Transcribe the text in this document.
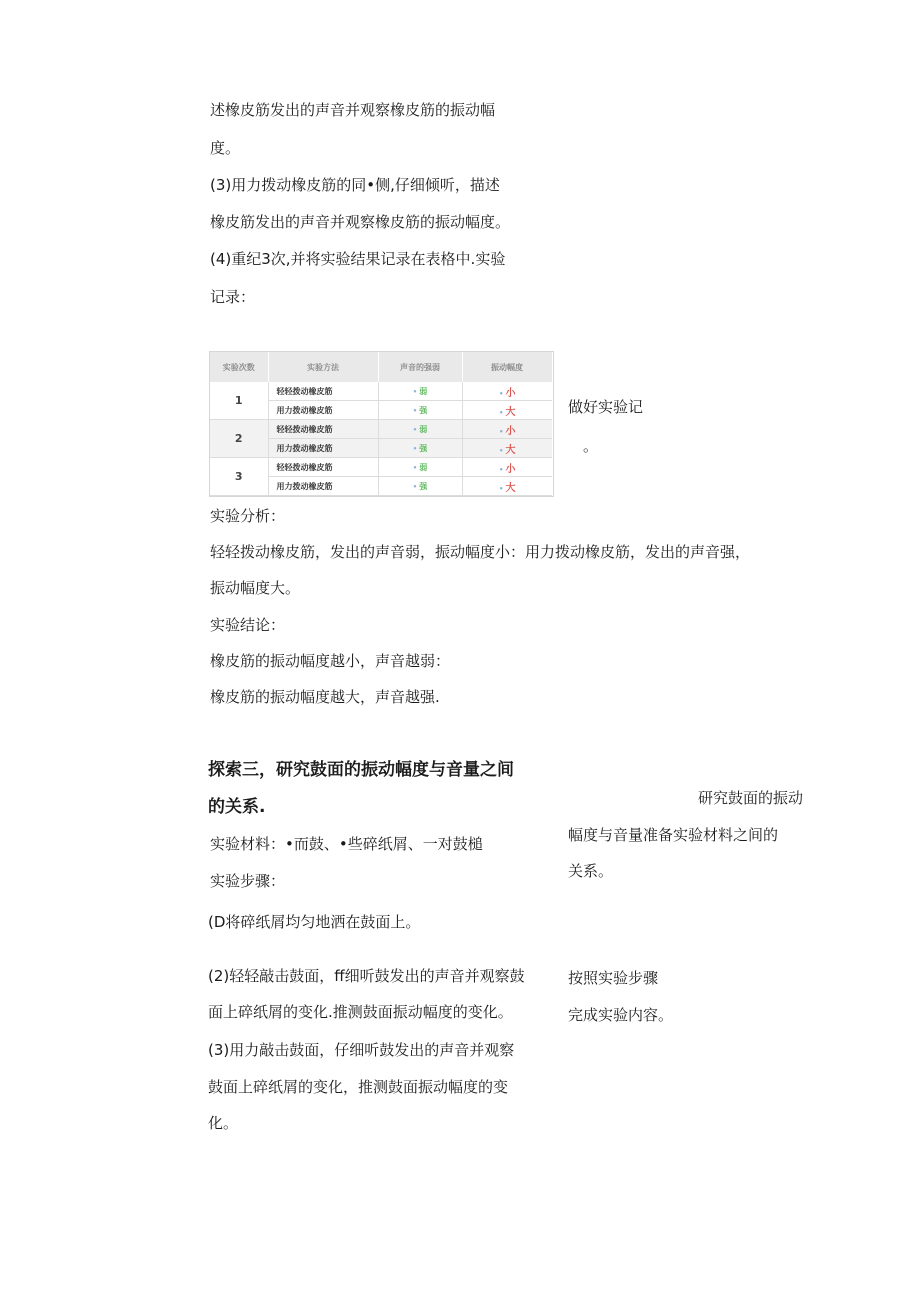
述橡皮筋发出的声音并观察橡皮筋的振动幅
度。
(3)用力拨动橡皮筋的同•侧,仔细倾听，描述
橡皮筋发出的声音并观察橡皮筋的振动幅度。
(4)重纪3次,并将实验结果记录在表格中.实验
记录：
实验次数	实验方法	声音的强弱	振动幅度
1	轻轻拨动橡皮筋	• 弱	• 小
	用力拨动橡皮筋	• 强	• 大
2	轻轻拨动橡皮筋	• 弱	• 小
	用力拨动橡皮筋	• 强	• 大
3	轻轻拨动橡皮筋	• 弱	• 小
	用力拨动橡皮筋	• 强	• 大
做好实验记
。
实验分析：
轻轻拨动橡皮筋，发出的声音弱，振动幅度小：用力拨动橡皮筋，发出的声音强，
振动幅度大。
实验结论：
橡皮筋的振动幅度越小，声音越弱：
橡皮筋的振动幅度越大，声音越强.
探索三，研究鼓面的振动幅度与音量之间
的关系.	研究鼓面的振动
幅度与音量准备实验材料之间的
关系。
实验材料：•而鼓、•些碎纸屑、一对鼓槌
实验步骤：
(D将碎纸屑均匀地洒在鼓面上。
(2)轻轻敲击鼓面，ff细听鼓发出的声音并观察鼓
面上碎纸屑的变化.推测鼓面振动幅度的变化。
按照实验步骤
完成实验内容。
(3)用力敲击鼓面，仔细听鼓发出的声音并观察
鼓面上碎纸屑的变化，推测鼓面振动幅度的变
化。
